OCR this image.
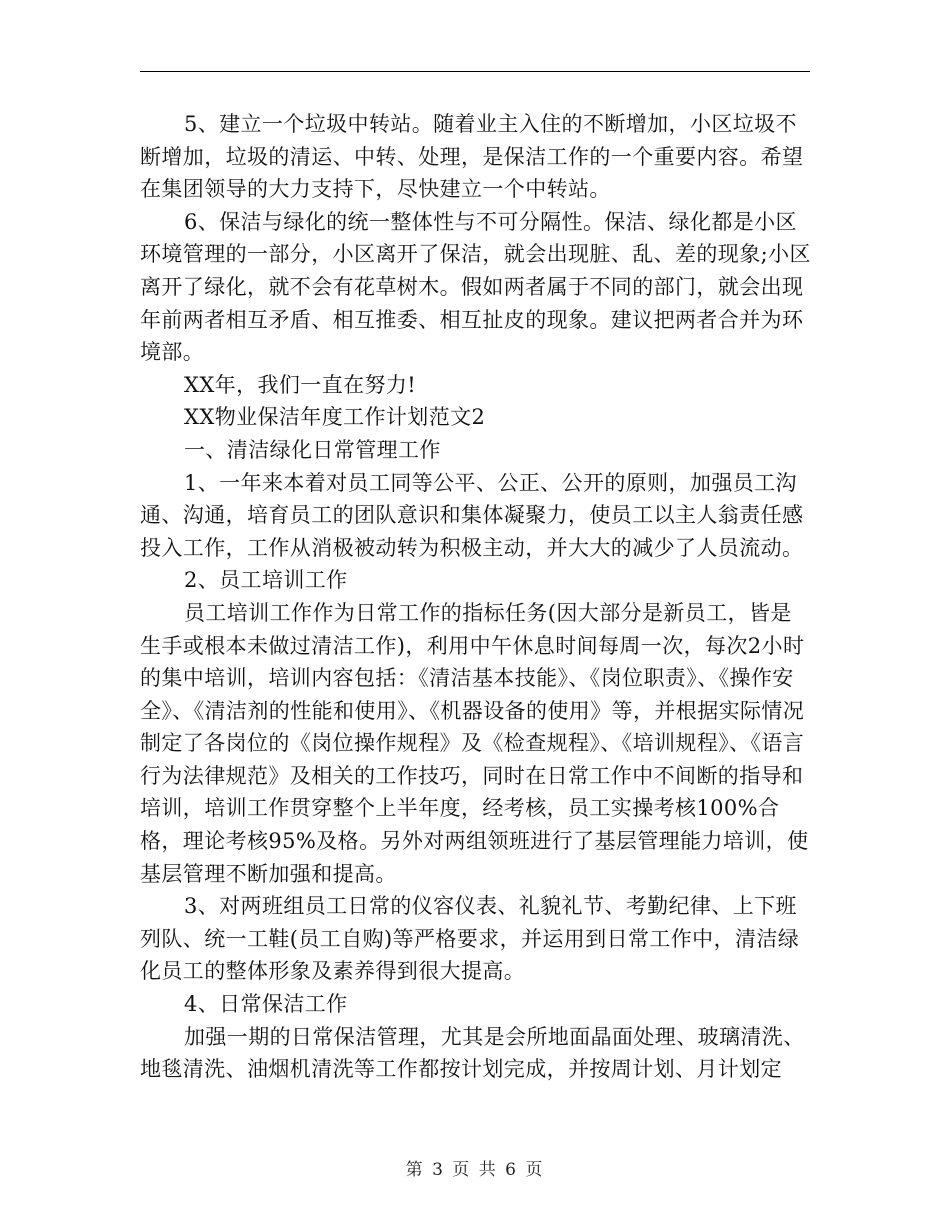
5、建立一个垃圾中转站。随着业主入住的不断增加，小区垃圾不断增加，垃圾的清运、中转、处理，是保洁工作的一个重要内容。希望在集团领导的大力支持下，尽快建立一个中转站。

6、保洁与绿化的统一整体性与不可分隔性。保洁、绿化都是小区环境管理的一部分，小区离开了保洁，就会出现脏、乱、差的现象;小区离开了绿化，就不会有花草树木。假如两者属于不同的部门，就会出现年前两者相互矛盾、相互推委、相互扯皮的现象。建议把两者合并为环境部。

XX年，我们一直在努力!

XX物业保洁年度工作计划范文2

一、清洁绿化日常管理工作

1、一年来本着对员工同等公平、公正、公开的原则，加强员工沟通、沟通，培育员工的团队意识和集体凝聚力，使员工以主人翁责任感投入工作，工作从消极被动转为积极主动，并大大的减少了人员流动。

2、员工培训工作

员工培训工作作为日常工作的指标任务(因大部分是新员工，皆是生手或根本未做过清洁工作)，利用中午休息时间每周一次，每次2小时的集中培训，培训内容包括：《清洁基本技能》、《岗位职责》、《操作安全》、《清洁剂的性能和使用》、《机器设备的使用》等，并根据实际情况制定了各岗位的《岗位操作规程》及《检查规程》、《培训规程》、《语言行为法律规范》及相关的工作技巧，同时在日常工作中不间断的指导和培训，培训工作贯穿整个上半年度，经考核，员工实操考核100%合格，理论考核95%及格。另外对两组领班进行了基层管理能力培训，使基层管理不断加强和提高。

3、对两班组员工日常的仪容仪表、礼貌礼节、考勤纪律、上下班列队、统一工鞋(员工自购)等严格要求，并运用到日常工作中，清洁绿化员工的整体形象及素养得到很大提高。

4、日常保洁工作

加强一期的日常保洁管理，尤其是会所地面晶面处理、玻璃清洗、地毯清洗、油烟机清洗等工作都按计划完成，并按周计划、月计划定

第 3 页 共 6 页
